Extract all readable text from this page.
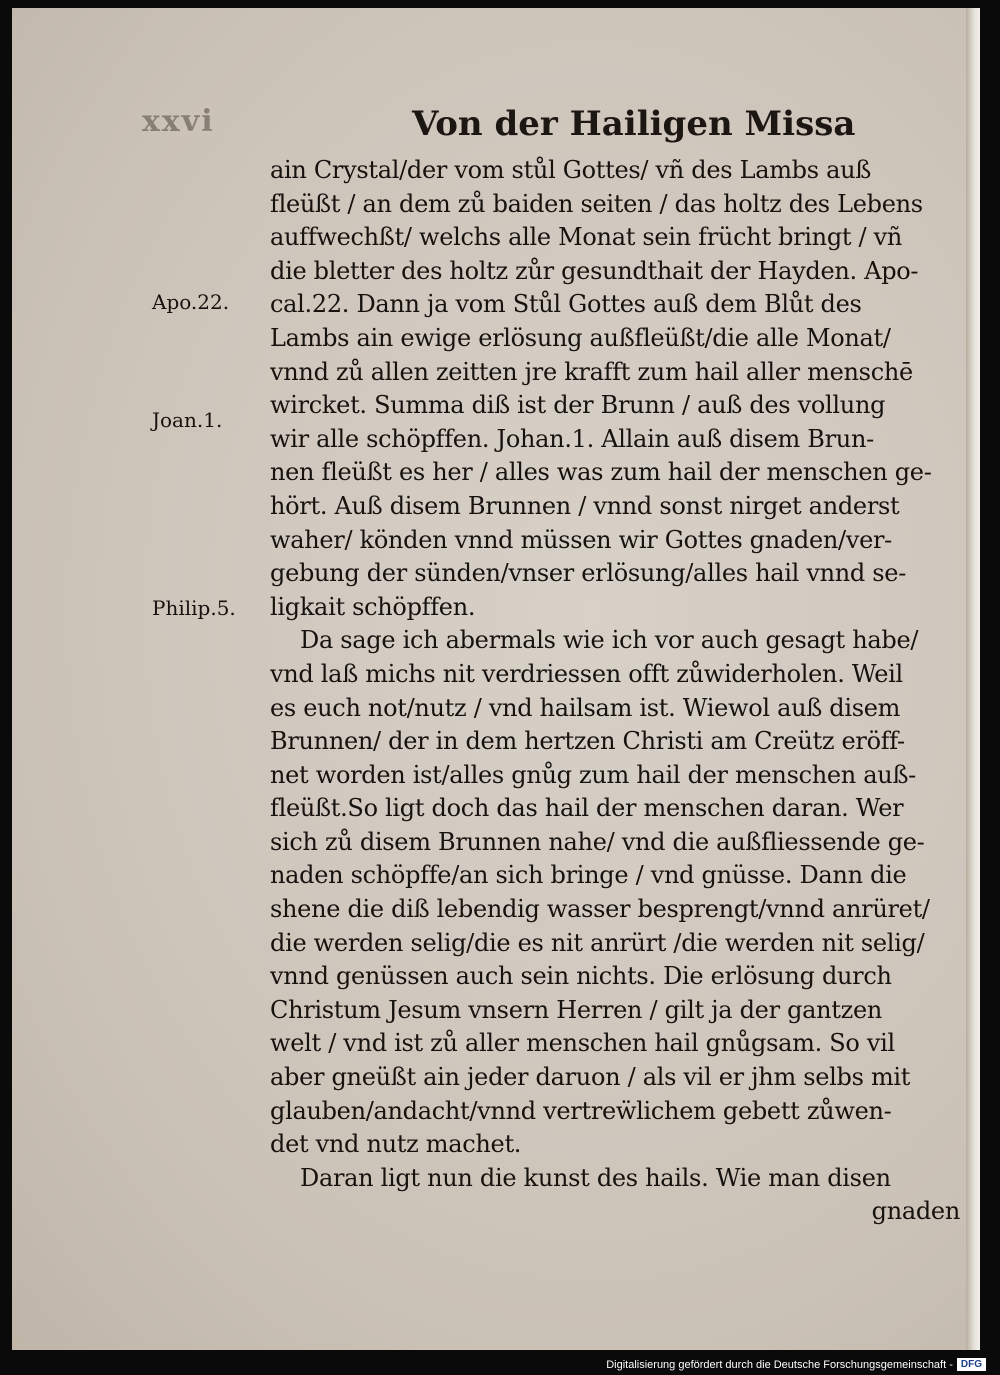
xxvi	Von der Hailigen Missa
Apo.22.
Joan.1.
Philip.5.
ain Crystal/der vom stůl Gottes/ vñ des Lambs auß
fleüßt / an dem zů baiden seiten / das holtz des Lebens
auffwechßt/ welchs alle Monat sein frücht bringt / vñ
die bletter des holtz zůr gesundthait der Hayden. Apo-
cal.22. Dann ja vom Stůl Gottes auß dem Blůt des
Lambs ain ewige erlösung außfleüßt/die alle Monat/
vnnd zů allen zeitten jre krafft zum hail aller menschē
wircket. Summa diß ist der Brunn / auß des vollung
wir alle schöpffen. Johan.1. Allain auß disem Brun-
nen fleüßt es her / alles was zum hail der menschen ge-
hört. Auß disem Brunnen / vnnd sonst nirget anderst
waher/ könden vnnd müssen wir Gottes gnaden/ver-
gebung der sünden/vnser erlösung/alles hail vnnd se-
ligkait schöpffen.
Da sage ich abermals wie ich vor auch gesagt habe/
vnd laß michs nit verdriessen offt zůwiderholen. Weil
es euch not/nutz / vnd hailsam ist. Wiewol auß disem
Brunnen/ der in dem hertzen Christi am Creütz eröff-
net worden ist/alles gnůg zum hail der menschen auß-
fleüßt.So ligt doch das hail der menschen daran. Wer
sich zů disem Brunnen nahe/ vnd die außfliessende ge-
naden schöpffe/an sich bringe / vnd gnüsse. Dann die
shene die diß lebendig wasser besprengt/vnnd anrüret/
die werden selig/die es nit anrürt /die werden nit selig/
vnnd genüssen auch sein nichts. Die erlösung durch
Christum Jesum vnsern Herren / gilt ja der gantzen
welt / vnd ist zů aller menschen hail gnůgsam. So vil
aber gneüßt ain jeder daruon / als vil er jhm selbs mit
glauben/andacht/vnnd vertreẅlichem gebett zůwen-
det vnd nutz machet.
Daran ligt nun die kunst des hails. Wie man disen
gnaden
Digitalisierung gefördert durch die Deutsche Forschungsgemeinschaft - DFG
